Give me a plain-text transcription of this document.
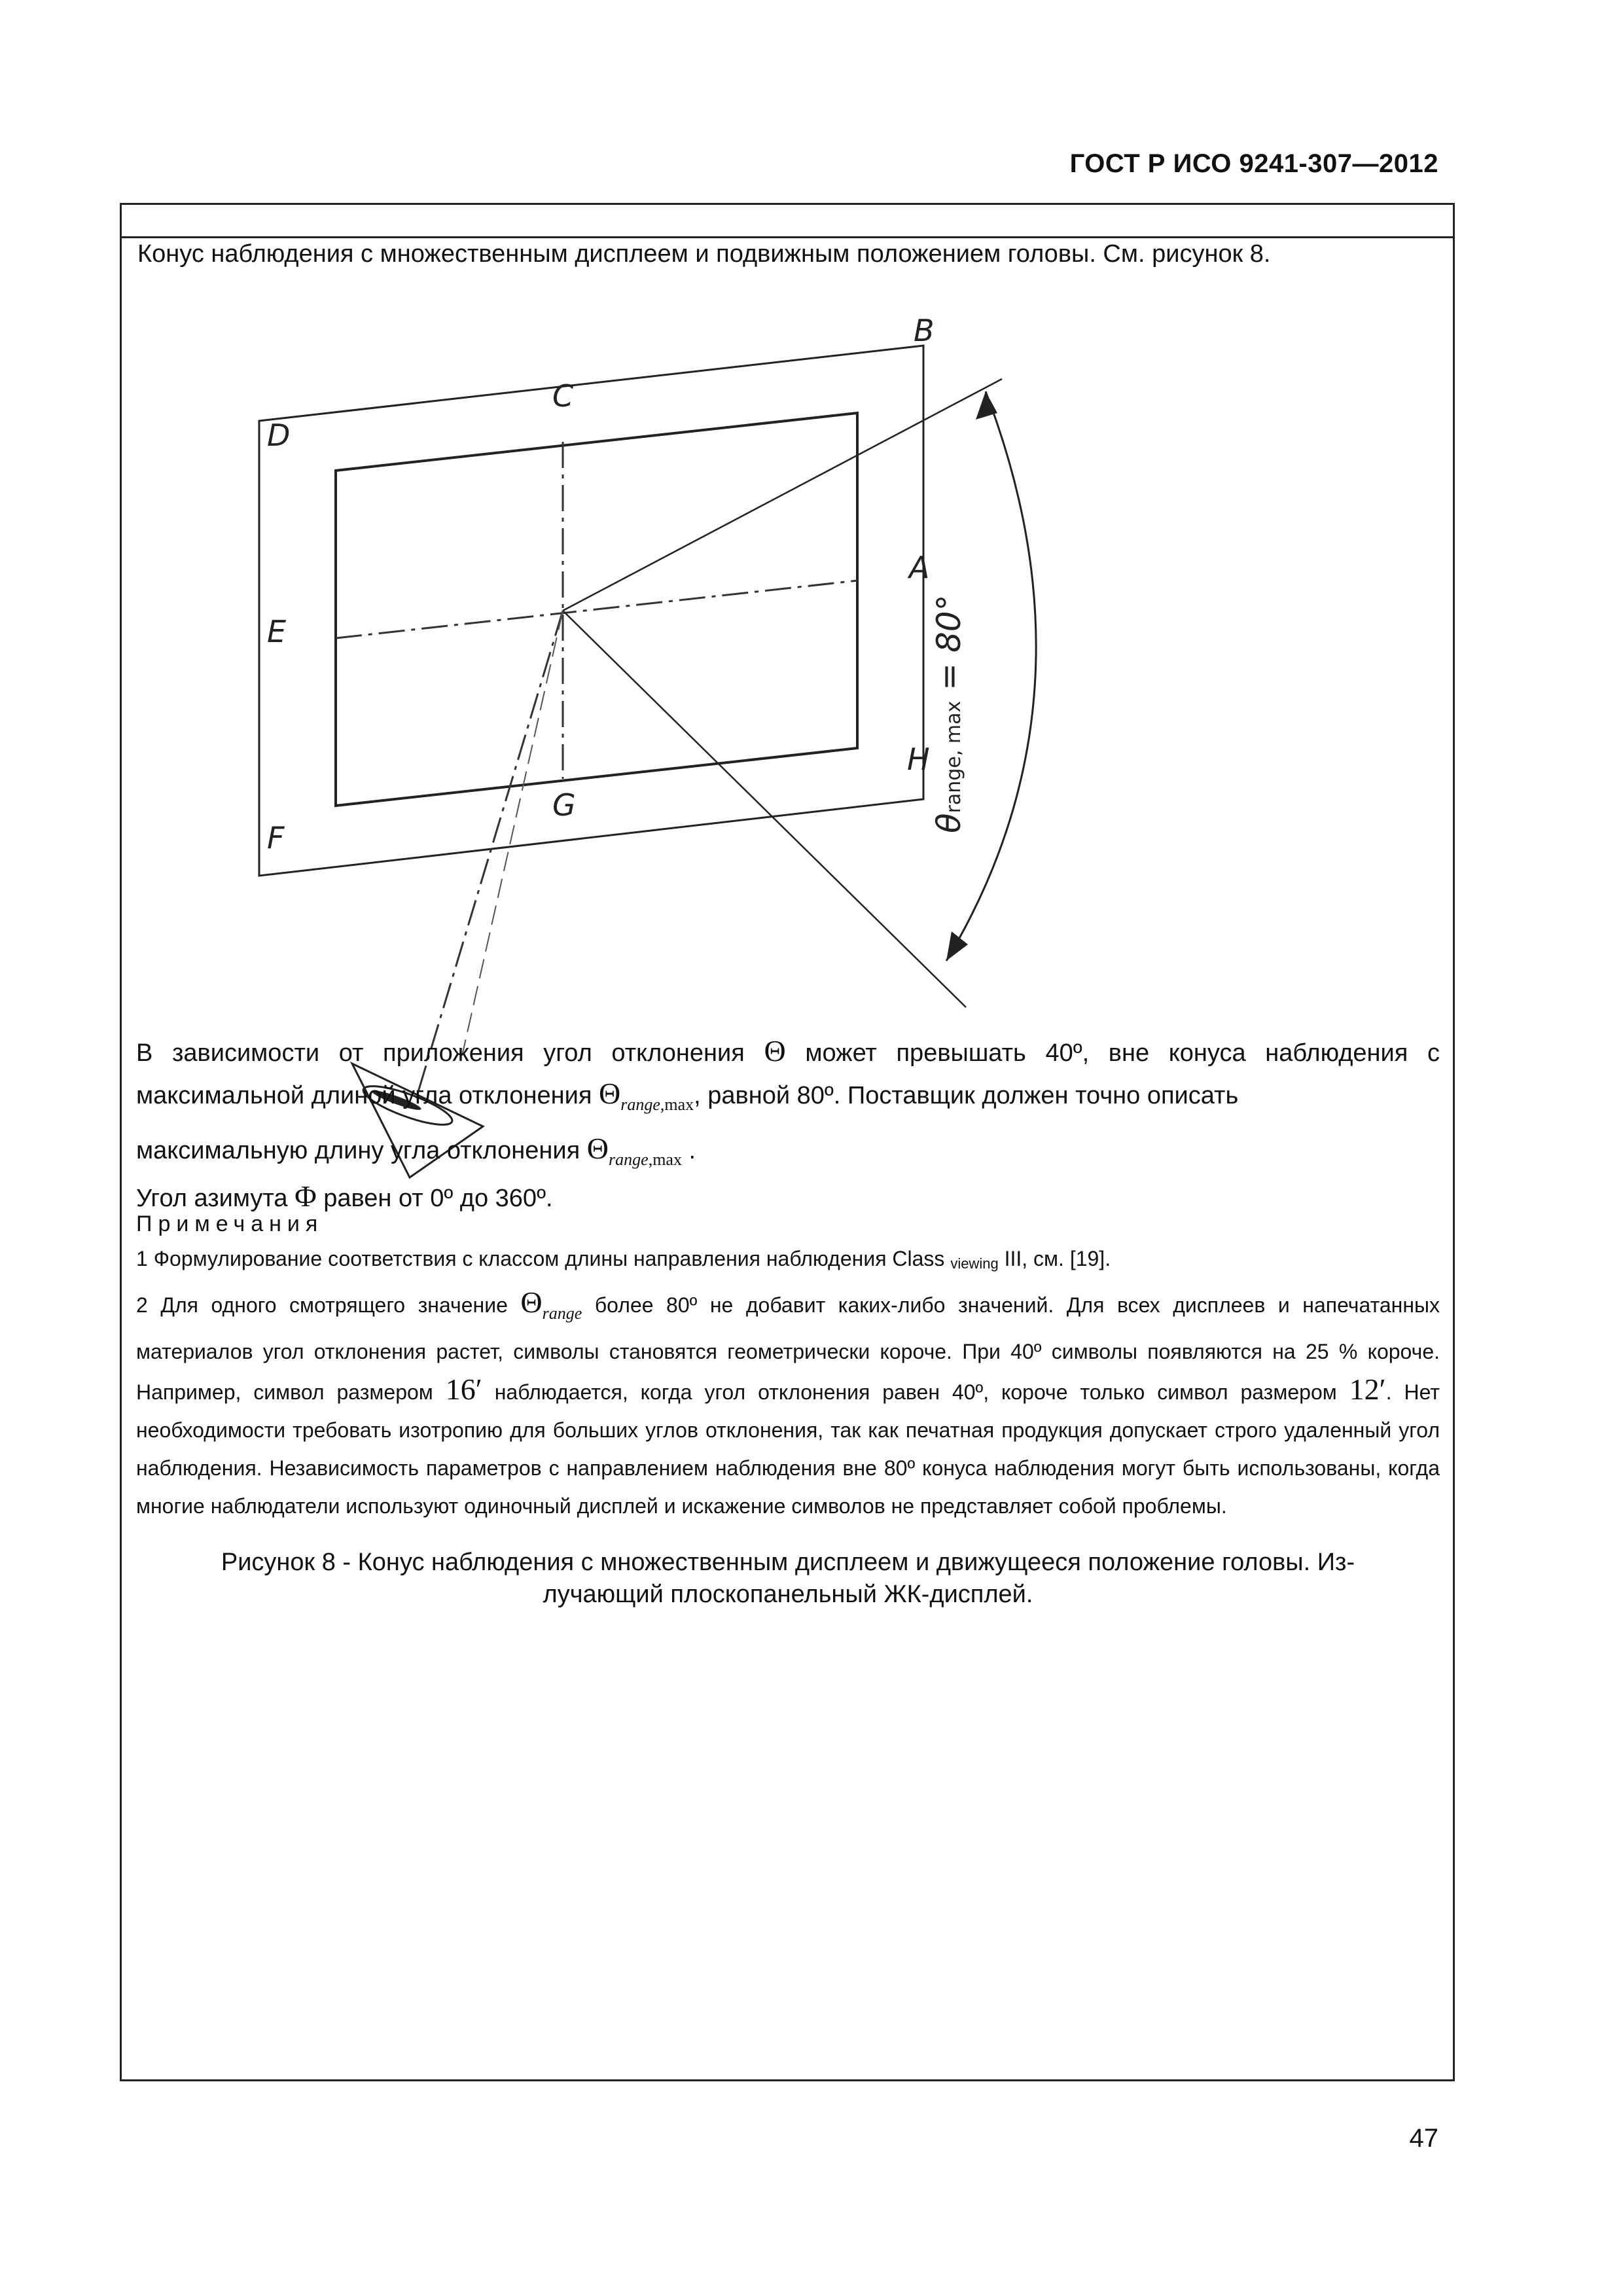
ГОСТ Р ИСО 9241-307—2012
Конус наблюдения с множественным дисплеем и подвижным положением головы. См. рисунок 8.
B
C
D
A
E
H
G
F	θrange, max = 80°
В зависимости от приложения угол отклонения Θ может превышать 40º, вне конуса наблюдения с максимальной длиной угла отклонения $\Theta_{range,max}$, равной 80º. Поставщик должен точно описать
максимальную длину угла отклонения $\Theta_{range,max}$ .
Угол азимута Φ равен от 0º до 360º.
Примечания
1 Формулирование соответствия с классом длины направления наблюдения Class viewing III, см. [19].
2 Для одного смотрящего значение $\Theta_{range}$ более 80º не добавит каких-либо значений. Для всех дисплеев и напечатанных материалов угол отклонения растет, символы становятся геометрически короче. При 40º символы появляются на 25 % короче. Например, символ размером 16′ наблюдается, когда угол отклонения равен 40º, короче только символ размером 12′. Нет необходимости требовать изотропию для больших углов отклонения, так как печатная продукция допускает строго удаленный угол наблюдения. Независимость параметров с направлением наблюдения вне 80º конуса наблюдения могут быть использованы, когда многие наблюдатели используют одиночный дисплей и искажение символов не представляет собой проблемы.
Рисунок 8 - Конус наблюдения с множественным дисплеем и движущееся положение головы. Из-
лучающий плоскопанельный ЖК-дисплей.
47
